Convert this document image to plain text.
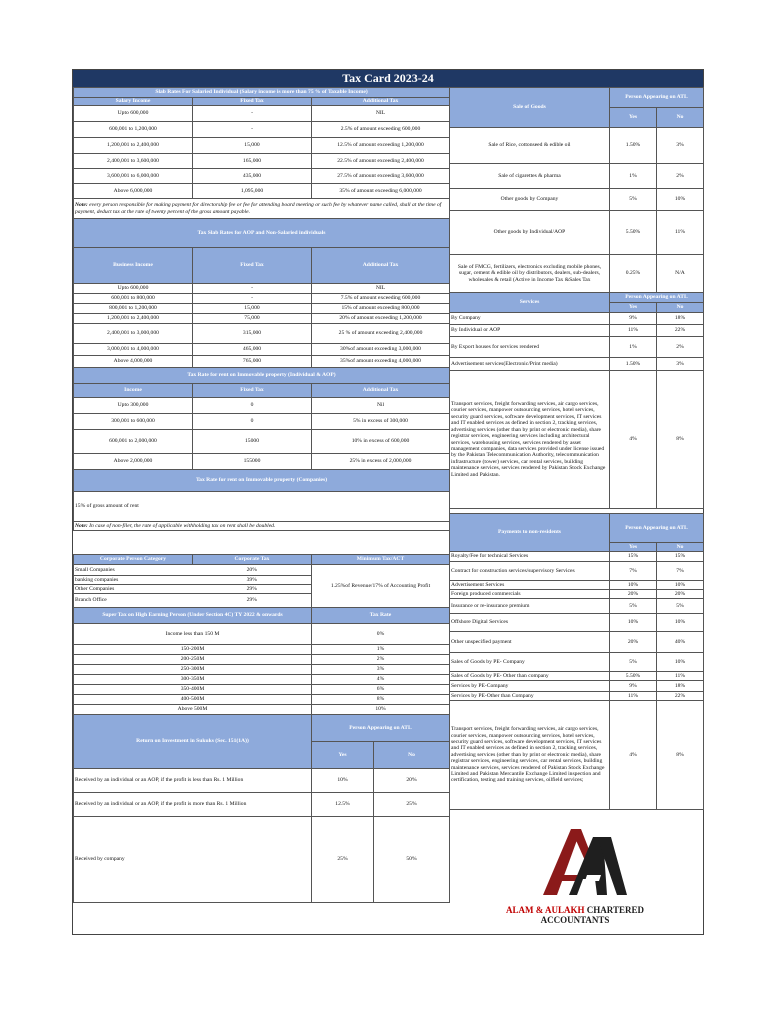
Tax Card 2023-24
Slab Rates For Salaried Individual (Salary income is more than 75 % of Taxable Income)		
Salary Income	Fixed Tax	Additional Tax
Upto 600,000	-	NIL
600,001 to 1,200,000	-	2.5% of amount exceeding 600,000
1,200,001 to 2,400,000	15,000	12.5% of amount exceeding 1,200,000
2,400,001 to 3,600,000	165,000	22.5% of amount exceeding 2,400,000
3,600,001 to 6,000,000	435,000	27.5% of amount exceeding 3,600,000
Above 6,000,000	1,095,000	35% of amount exceeding 6,000,000
Note: every person responsible for making payment for directorship fee or fee for attending board meeting or such fee by whatever name called, shall at the time of payment, deduct tax at the rate of twenty percent of the gross amount payable.		
Tax Slab Rates for AOP and Non-Salaried individuals		
Business Income	Fixed Tax	Additional Tax
Upto 600,000	-	NIL
600,001 to 800,000	-	7.5% of amount exceeding 600,000
800,001 to 1,200,000	15,000	15% of amount exceeding 800,000
1,200,001 to 2,400,000	75,000	20% of amount exceeding 1,200,000
2,400,001 to 3,000,000	315,000	25 % of amount exceeding 2,400,000
3,000,001 to 4,000,000	465,000	30%of amount exceeding 3,000,000
Above 4,000,000	765,000	35%of amount exceeding 4,000,000
Tax Rate for rent on Immovable property (Individual & AOP)		
Income	Fixed Tax	Additional Tax
Upto 300,000	0	Nil
300,001 to 600,000	0	5% in excess of 300,000
600,001 to 2,000,000	15000	10% in excess of 600,000
Above 2,000,000	155000	25% in excess of 2,000,000
Tax Rate for rent on Immovable property (Companies)		
15% of gross amount of rent		
Note: In case of non-filer, the rate of applicable withholding tax on rent shall be doubled.		
Corporate Person Category	Corporate Tax	Minimum Tax/ACT	
Small Companies	20%	1.25%of Revenue/17% of Accounting Profit	
banking companies	39%		
Other Companies	29%		
Branch Office	29%		
Super Tax on High Earning Person (Under Section 4C) TY 2022 & onwards		Tax Rate	
Income less than 150 M		0%	
150-200M		1%	
200-250M		2%	
250-300M		3%	
300-350M		4%	
350-400M		6%	
400-500M		8%	
Above 500M		10%	
Return on Investment in Sukuks (Sec. 151(1A))		Person Appearing on ATL	
		Yes	No
Received by an individual or an AOP, if the profit is less than Rs. 1 Million		10%	20%
Received by an individual or an AOP, if the profit is more than Rs. 1 Million		12.5%	25%
Received by company		25%	50%
Sale of Goods	Person Appearing on ATL	
	Yes	No
Sale of Rice, cottonseed & edible oil	1.50%	3%
Sale of cigarettes & pharma	1%	2%
Other goods by Company	5%	10%
Other goods by Individual/AOP	5.50%	11%
Sale of FMCG, fertilizers, electronics excluding mobile phones, sugar, cement & edible oil by distributors, dealers, sub-dealers, wholesales & retail (Active in Income Tax &Sales Tax	0.25%	N/A
Services	Person Appearing on ATL	
	Yes	No
By Company	9%	18%
By Individual or AOP	11%	22%
By Export houses for services rendered	1%	2%
Advertisement services(Electronic/Print media)	1.50%	3%
Transport services, freight forwarding services, air cargo services, courier services, manpower outsourcing services, hotel services, security guard services, software development services, IT services and IT enabled services as defined in section 2, tracking services, advertising services (other than by print or electronic media), share registrar services, engineering services including architectural services, warehousing services, services rendered by asset management companies, data services provided under license issued by the Pakistan Telecommunication Authority, telecommunication infrastructure (tower) services, car rental services, building maintenance services, services rendered by Pakistan Stock Exchange Limited and Pakistan.	4%	8%
Payments to non-residents	Person Appearing on ATL	
	Yes	No
Royalty/Fee for technical Services	15%	15%
Contract for construction services/supervisory Services	7%	7%
Advertisement Services	10%	10%
Foreign produced commercials	20%	20%
Insurance or re-insurance premium	5%	5%
Offshore Digital Services	10%	10%
Other unspecified payment	20%	40%
Sales of Goods by PE- Company	5%	10%
Sales of Goods by PE- Other than company	5.50%	11%
Services by PE-Company	9%	18%
Services by PE-Other than Company	11%	22%
Transport services, freight forwarding services, air cargo services, courier services, manpower outsourcing services, hotel services, security guard services, software development services, IT services and IT enabled services as defined in section 2, tracking services, advertising services (other than by print or electronic media), share registrar services, engineering services, car rental services, building maintenance services, services rendered of Pakistan Stock Exchange Limited and Pakistan Mercantile Exchange Limited inspection and certification, testing and training services, oilfield services;	4%	8%
ALAM & AULAKH CHARTERED
ACCOUNTANTS
